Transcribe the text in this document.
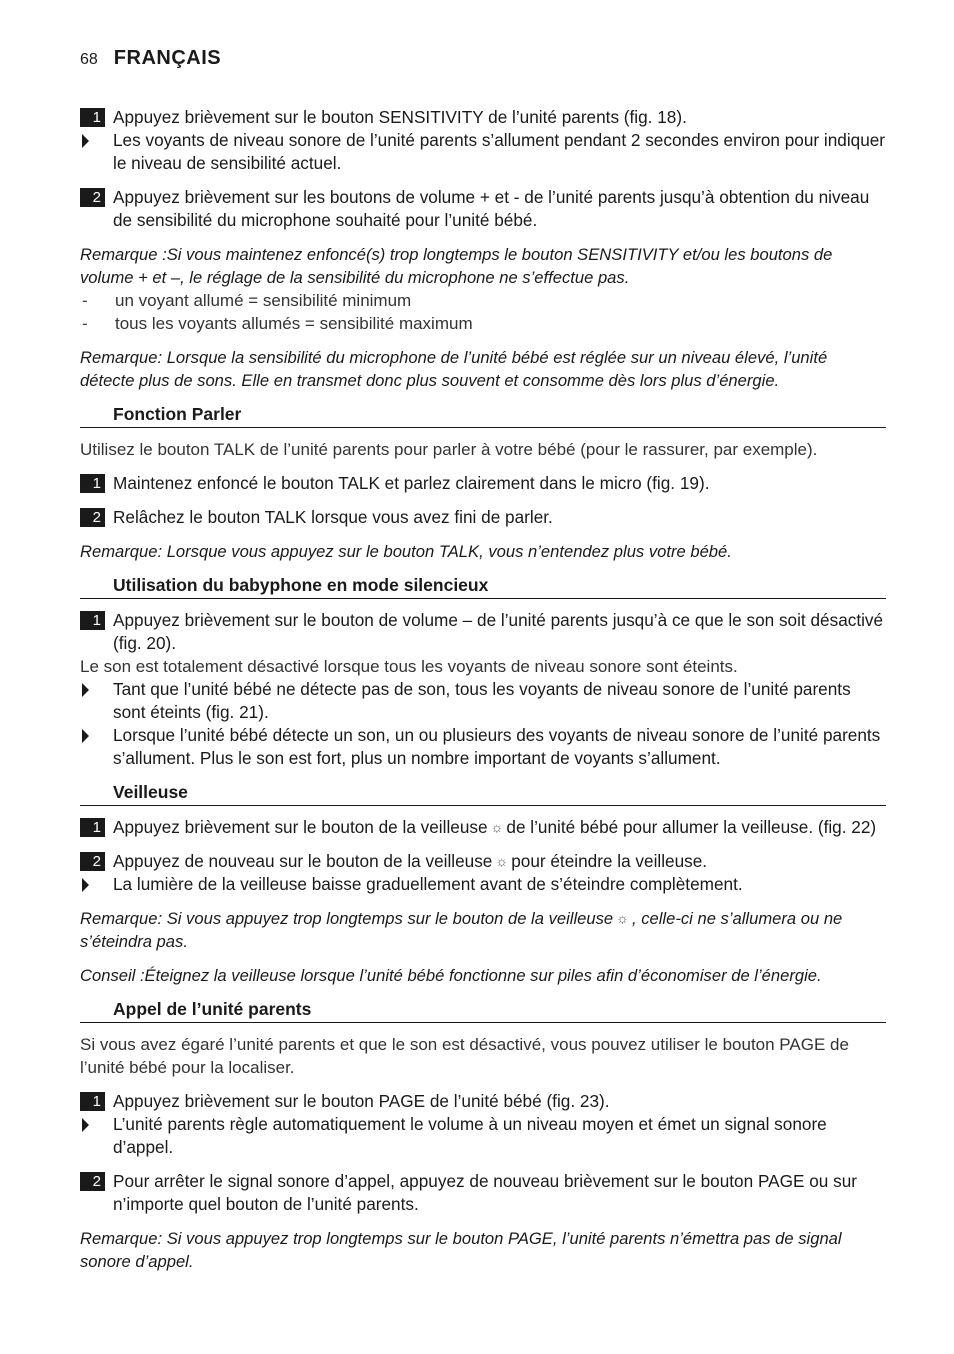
68 FRANÇAIS
1 Appuyez brièvement sur le bouton SENSITIVITY de l’unité parents (fig. 18).
Les voyants de niveau sonore de l’unité parents s’allument pendant 2 secondes environ pour indiquer le niveau de sensibilité actuel.
2 Appuyez brièvement sur les boutons de volume + et - de l’unité parents jusqu’à obtention du niveau de sensibilité du microphone souhaité pour l’unité bébé.
Remarque :Si vous maintenez enfoncé(s) trop longtemps le bouton SENSITIVITY et/ou les boutons de volume + et –, le réglage de la sensibilité du microphone ne s’effectue pas.
-	un voyant allumé = sensibilité minimum
-	tous les voyants allumés = sensibilité maximum
Remarque: Lorsque la sensibilité du microphone de l’unité bébé est réglée sur un niveau élevé, l’unité détecte plus de sons. Elle en transmet donc plus souvent et consomme dès lors plus d’énergie.
Fonction Parler
Utilisez le bouton TALK de l’unité parents pour parler à votre bébé (pour le rassurer, par exemple).
1 Maintenez enfoncé le bouton TALK et parlez clairement dans le micro (fig. 19).
2 Relâchez le bouton TALK lorsque vous avez fini de parler.
Remarque: Lorsque vous appuyez sur le bouton TALK, vous n’entendez plus votre bébé.
Utilisation du babyphone en mode silencieux
1 Appuyez brièvement sur le bouton de volume – de l’unité parents jusqu’à ce que le son soit désactivé (fig. 20).
Le son est totalement désactivé lorsque tous les voyants de niveau sonore sont éteints.
Tant que l’unité bébé ne détecte pas de son, tous les voyants de niveau sonore de l’unité parents sont éteints (fig. 21).
Lorsque l’unité bébé détecte un son, un ou plusieurs des voyants de niveau sonore de l’unité parents s’allument. Plus le son est fort, plus un nombre important de voyants s’allument.
Veilleuse
1 Appuyez brièvement sur le bouton de la veilleuse ☼ de l’unité bébé pour allumer la veilleuse. (fig. 22)
2 Appuyez de nouveau sur le bouton de la veilleuse ☼ pour éteindre la veilleuse.
La lumière de la veilleuse baisse graduellement avant de s’éteindre complètement.
Remarque: Si vous appuyez trop longtemps sur le bouton de la veilleuse ☼ , celle-ci ne s’allumera ou ne s’éteindra pas.
Conseil :Éteignez la veilleuse lorsque l’unité bébé fonctionne sur piles afin d’économiser de l’énergie.
Appel de l’unité parents
Si vous avez égaré l’unité parents et que le son est désactivé, vous pouvez utiliser le bouton PAGE de l’unité bébé pour la localiser.
1 Appuyez brièvement sur le bouton PAGE de l’unité bébé (fig. 23).
L’unité parents règle automatiquement le volume à un niveau moyen et émet un signal sonore d’appel.
2 Pour arrêter le signal sonore d’appel, appuyez de nouveau brièvement sur le bouton PAGE ou sur n’importe quel bouton de l’unité parents.
Remarque: Si vous appuyez trop longtemps sur le bouton PAGE, l’unité parents n’émettra pas de signal sonore d’appel.
